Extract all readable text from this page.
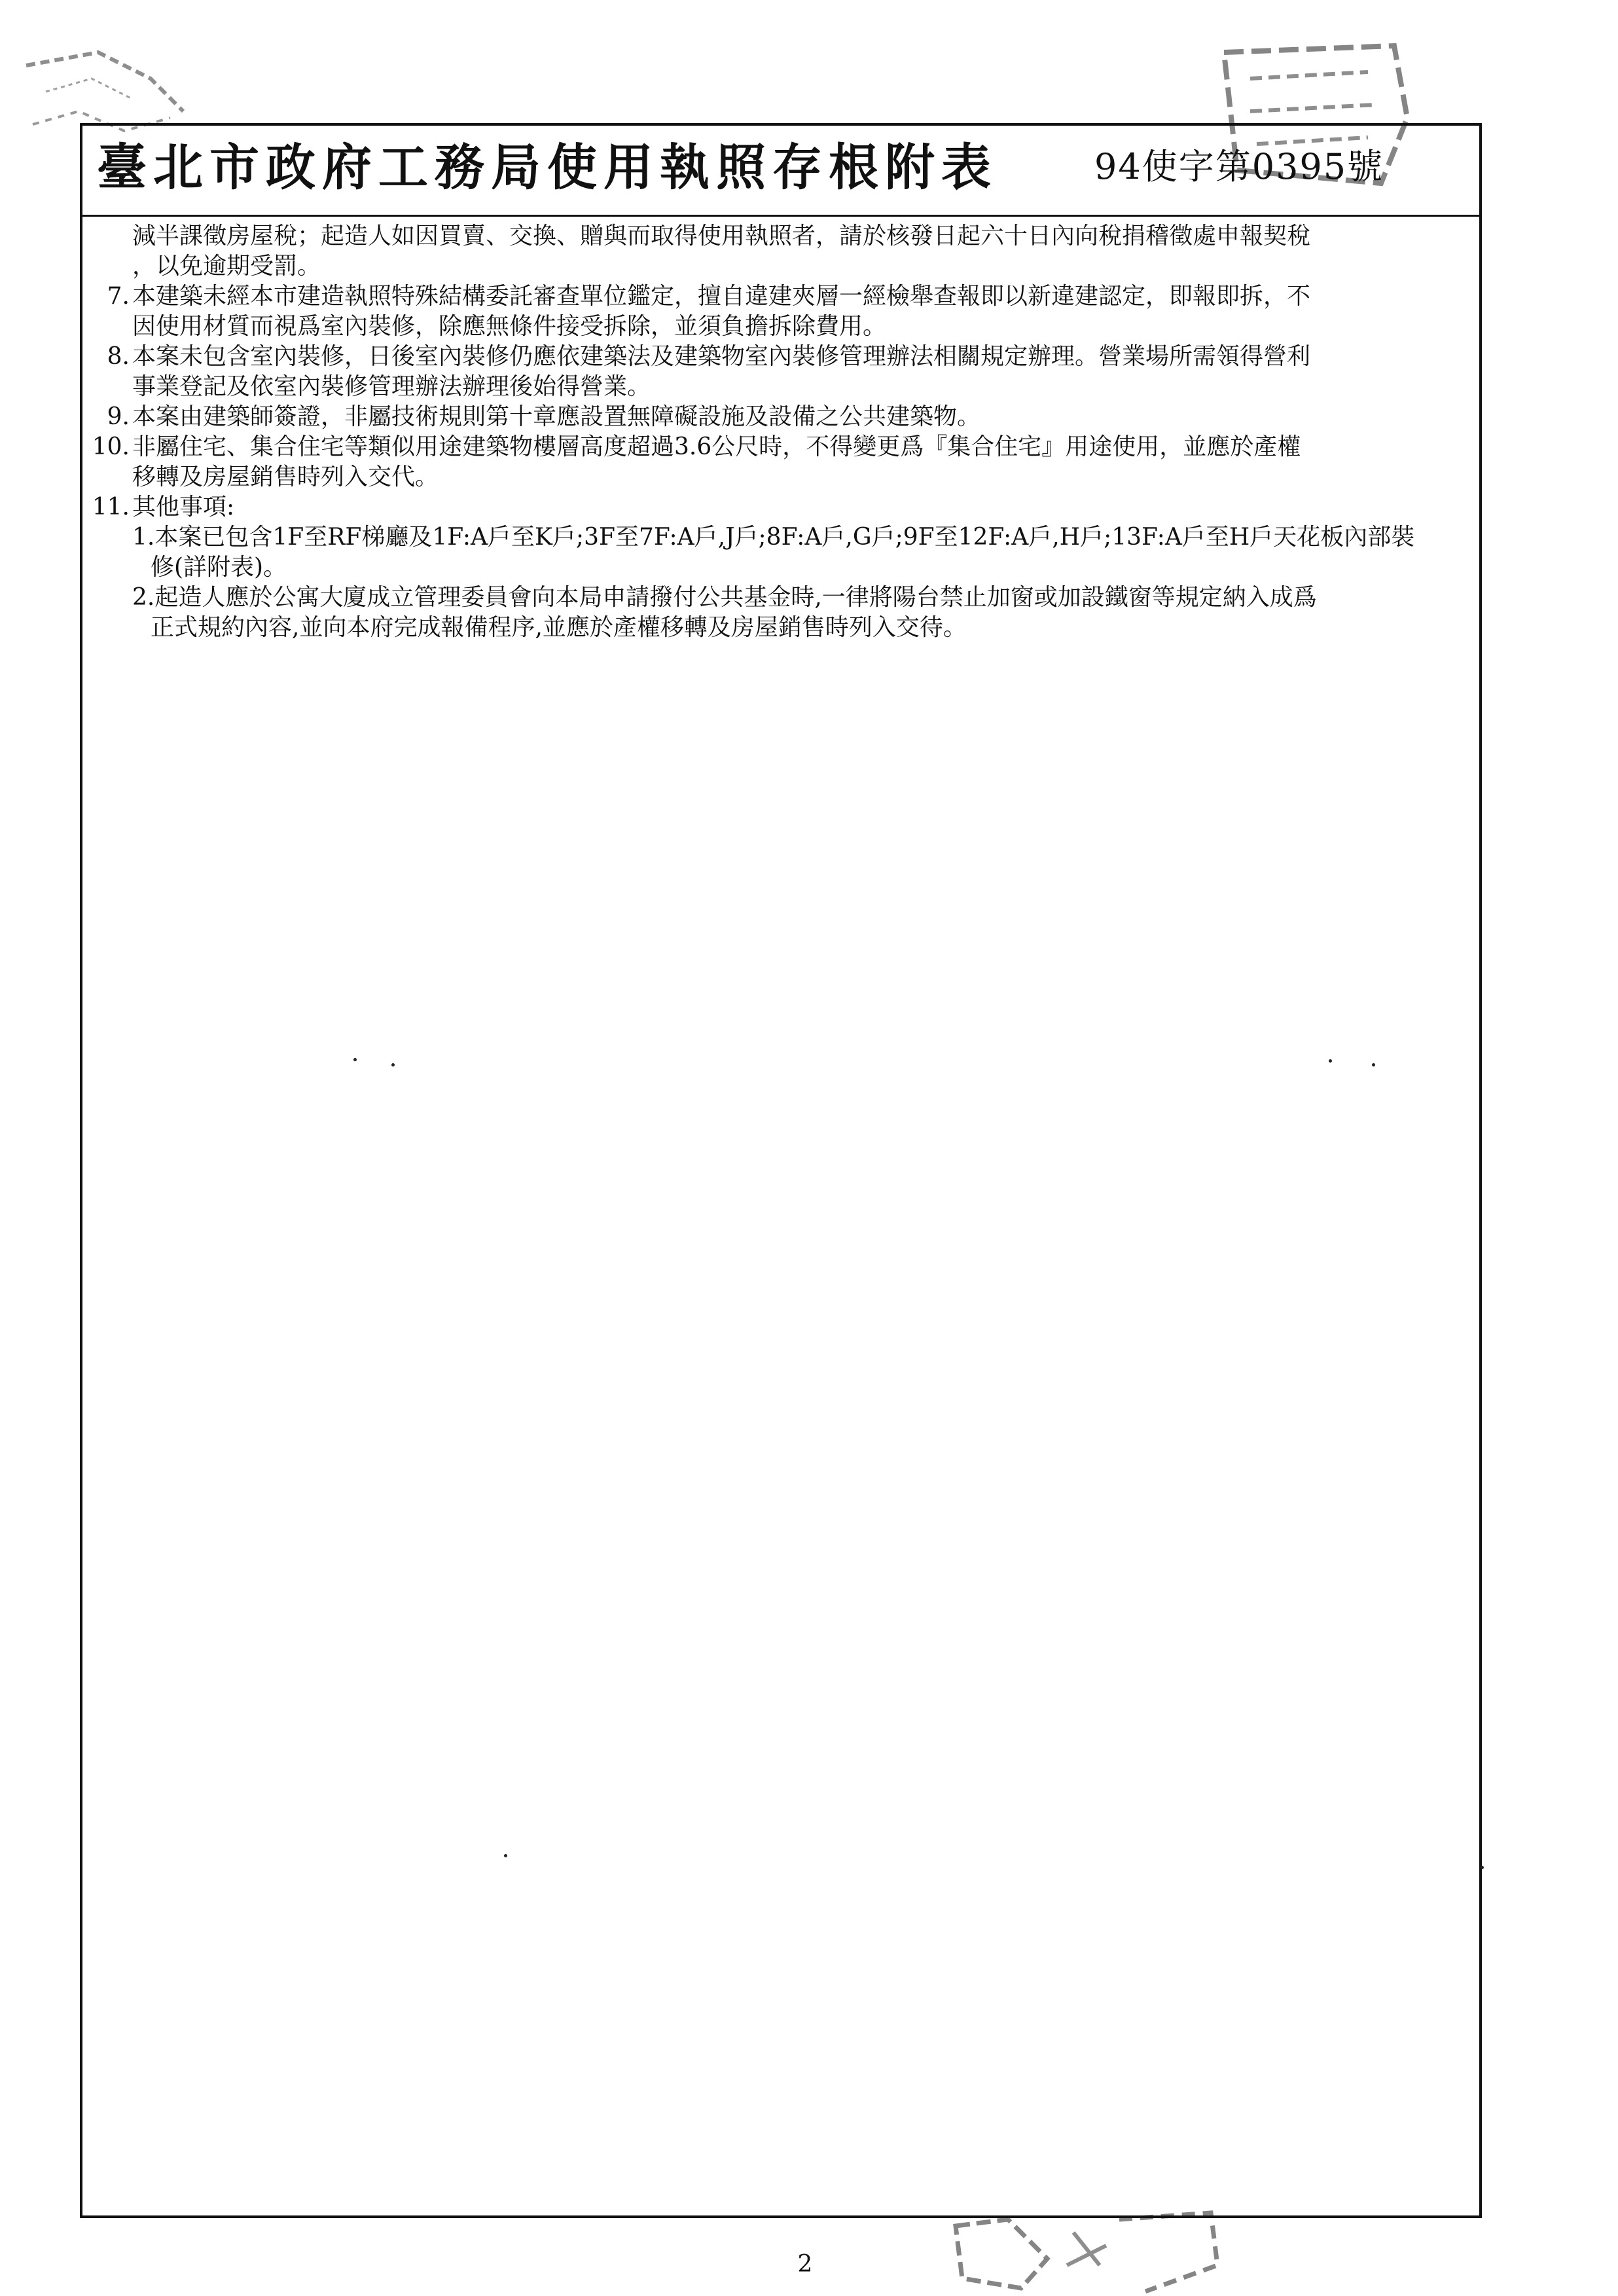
臺北市政府工務局使用執照存根附表	94使字第0395號
減半課徵房屋稅；起造人如因買賣、交換、贈與而取得使用執照者，請於核發日起六十日內向稅捐稽徵處申報契稅
，以免逾期受罰。
7. 本建築未經本市建造執照特殊結構委託審查單位鑑定，擅自違建夾層一經檢舉查報即以新違建認定，即報即拆，不
因使用材質而視爲室內裝修，除應無條件接受拆除，並須負擔拆除費用。
8. 本案未包含室內裝修，日後室內裝修仍應依建築法及建築物室內裝修管理辦法相關規定辦理。營業場所需領得營利
事業登記及依室內裝修管理辦法辦理後始得營業。
9. 本案由建築師簽證，非屬技術規則第十章應設置無障礙設施及設備之公共建築物。
10. 非屬住宅、集合住宅等類似用途建築物樓層高度超過3.6公尺時，不得變更爲『集合住宅』用途使用，並應於產權
移轉及房屋銷售時列入交代。
11. 其他事項:
1.本案已包含1F至RF梯廳及1F:A戶至K戶;3F至7F:A戶,J戶;8F:A戶,G戶;9F至12F:A戶,H戶;13F:A戶至H戶天花板內部裝
修(詳附表)。
2.起造人應於公寓大廈成立管理委員會向本局申請撥付公共基金時,一律將陽台禁止加窗或加設鐵窗等規定納入成爲
正式規約內容,並向本府完成報備程序,並應於產權移轉及房屋銷售時列入交待。
2
